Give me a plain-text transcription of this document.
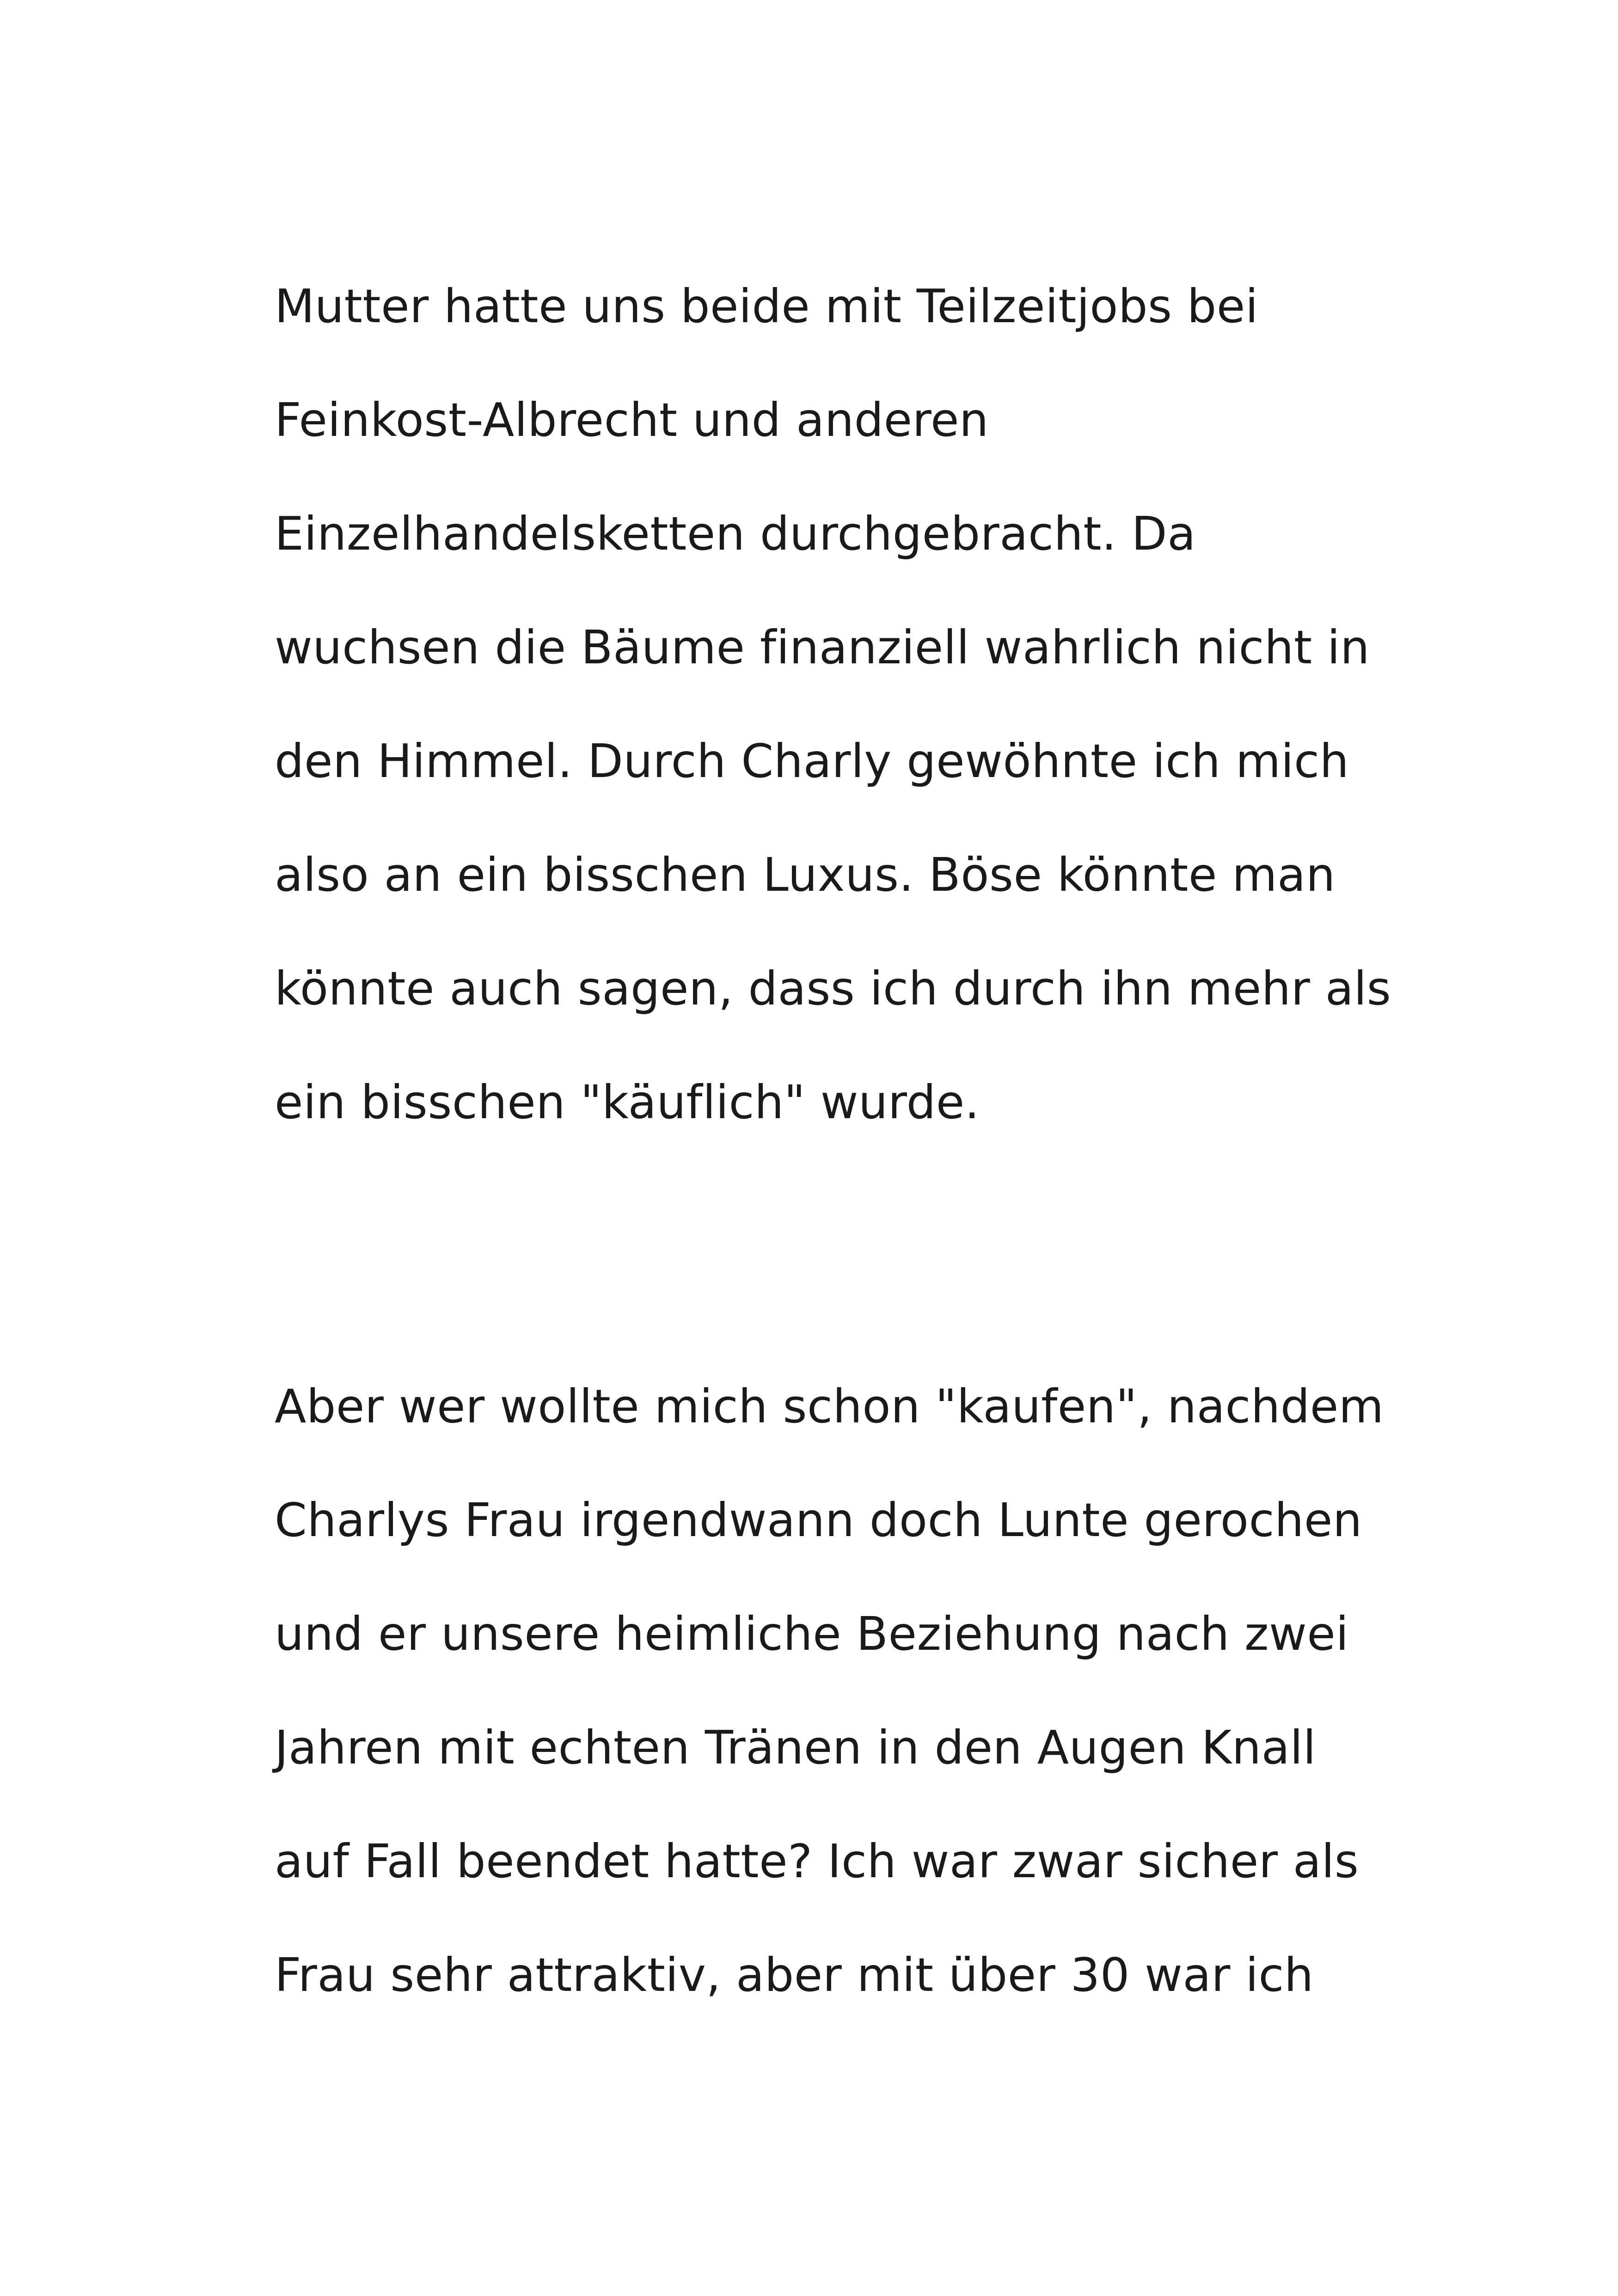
Mutter hatte uns beide mit Teilzeitjobs bei
Feinkost-Albrecht und anderen
Einzelhandelsketten durchgebracht. Da
wuchsen die Bäume finanziell wahrlich nicht in
den Himmel. Durch Charly gewöhnte ich mich
also an ein bisschen Luxus. Böse könnte man
könnte auch sagen, dass ich durch ihn mehr als
ein bisschen "käuflich" wurde.
Aber wer wollte mich schon "kaufen", nachdem
Charlys Frau irgendwann doch Lunte gerochen
und er unsere heimliche Beziehung nach zwei
Jahren mit echten Tränen in den Augen Knall
auf Fall beendet hatte? Ich war zwar sicher als
Frau sehr attraktiv, aber mit über 30 war ich
